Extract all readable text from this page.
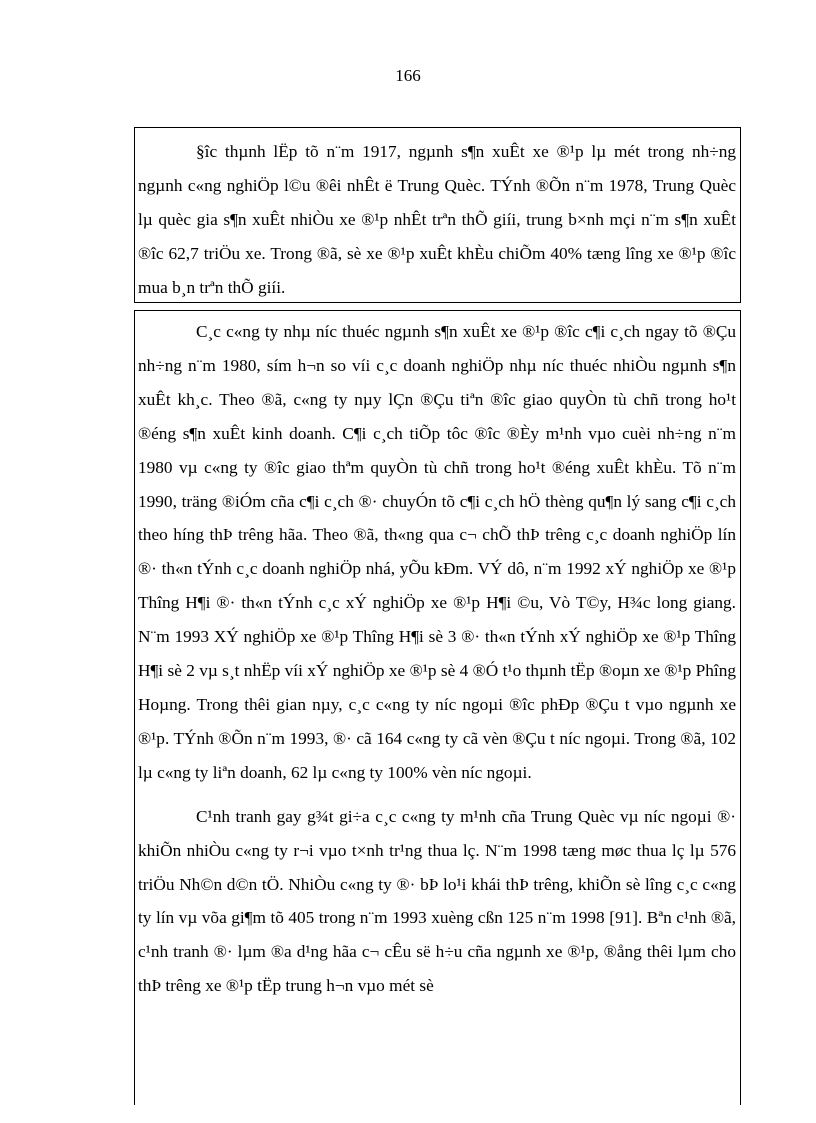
166

§îc thµnh lËp tõ n¨m 1917, ngµnh s¶n xuÊt xe ®¹p lµ mét trong nh÷ng ngµnh c«ng nghiÖp l©u ®êi nhÊt ë Trung Quèc. TÝnh ®Õn n¨m 1978, Trung Quèc lµ quèc gia s¶n xuÊt nhiÒu xe ®¹p nhÊt trªn thÕ giíi, trung b×nh mçi n¨m s¶n xuÊt ®îc 62,7 triÖu xe. Trong ®ã, sè xe ®¹p xuÊt khÈu chiÕm 40% tæng lîng xe ®¹p ®îc mua b¸n trªn thÕ giíi.

C¸c c«ng ty nhµ níc thuéc ngµnh s¶n xuÊt xe ®¹p ®îc c¶i c¸ch ngay tõ ®Çu nh÷ng n¨m 1980, sím h¬n so víi c¸c doanh nghiÖp nhµ níc thuéc nhiÒu ngµnh s¶n xuÊt kh¸c. Theo ®ã, c«ng ty nµy lÇn ®Çu tiªn ®îc giao quyÒn tù chñ trong ho¹t ®éng s¶n xuÊt kinh doanh. C¶i c¸ch tiÕp tôc ®îc ®Èy m¹nh vµo cuèi nh÷ng n¨m 1980 vµ c«ng ty ®îc giao thªm quyÒn tù chñ trong ho¹t ®éng xuÊt khÈu. Tõ n¨m 1990, träng ®iÓm cña c¶i c¸ch ®· chuyÓn tõ c¶i c¸ch hÖ thèng qu¶n lý sang c¶i c¸ch theo híng thÞ trêng hãa. Theo ®ã, th«ng qua c¬ chÕ thÞ trêng c¸c doanh nghiÖp lín ®· th«n tÝnh c¸c doanh nghiÖp nhá, yÕu kÐm. VÝ dô, n¨m 1992 xÝ nghiÖp xe ®¹p Thîng H¶i ®· th«n tÝnh c¸c xÝ nghiÖp xe ®¹p H¶i ©u, Vò T©y, H¾c long giang. N¨m 1993 XÝ nghiÖp xe ®¹p Thîng H¶i sè 3 ®· th«n tÝnh xÝ nghiÖp xe ®¹p Thîng H¶i sè 2 vµ s¸t nhËp víi xÝ nghiÖp xe ®¹p sè 4 ®Ó t¹o thµnh tËp ®oµn xe ®¹p Phîng Hoµng. Trong thêi gian nµy, c¸c c«ng ty níc ngoµi ®îc phÐp ®Çu t vµo ngµnh xe ®¹p. TÝnh ®Õn n¨m 1993, ®· cã 164 c«ng ty cã vèn ®Çu t níc ngoµi. Trong ®ã, 102 lµ c«ng ty liªn doanh, 62 lµ c«ng ty 100% vèn níc ngoµi.

C¹nh tranh gay g¾t gi÷a c¸c c«ng ty m¹nh cña Trung Quèc vµ níc ngoµi ®· khiÕn nhiÒu c«ng ty r¬i vµo t×nh tr¹ng thua lç. N¨m 1998 tæng møc thua lç lµ 576 triÖu Nh©n d©n tÖ. NhiÒu c«ng ty ®· bÞ lo¹i khái thÞ trêng, khiÕn sè lîng c¸c c«ng ty lín vµ võa gi¶m tõ 405 trong n¨m 1993 xuèng cßn 125 n¨m 1998 [91]. Bªn c¹nh ®ã, c¹nh tranh ®· lµm ®a d¹ng hãa c¬ cÊu së h÷u cña ngµnh xe ®¹p, ®ång thêi lµm cho thÞ trêng xe ®¹p tËp trung h¬n vµo mét sè
